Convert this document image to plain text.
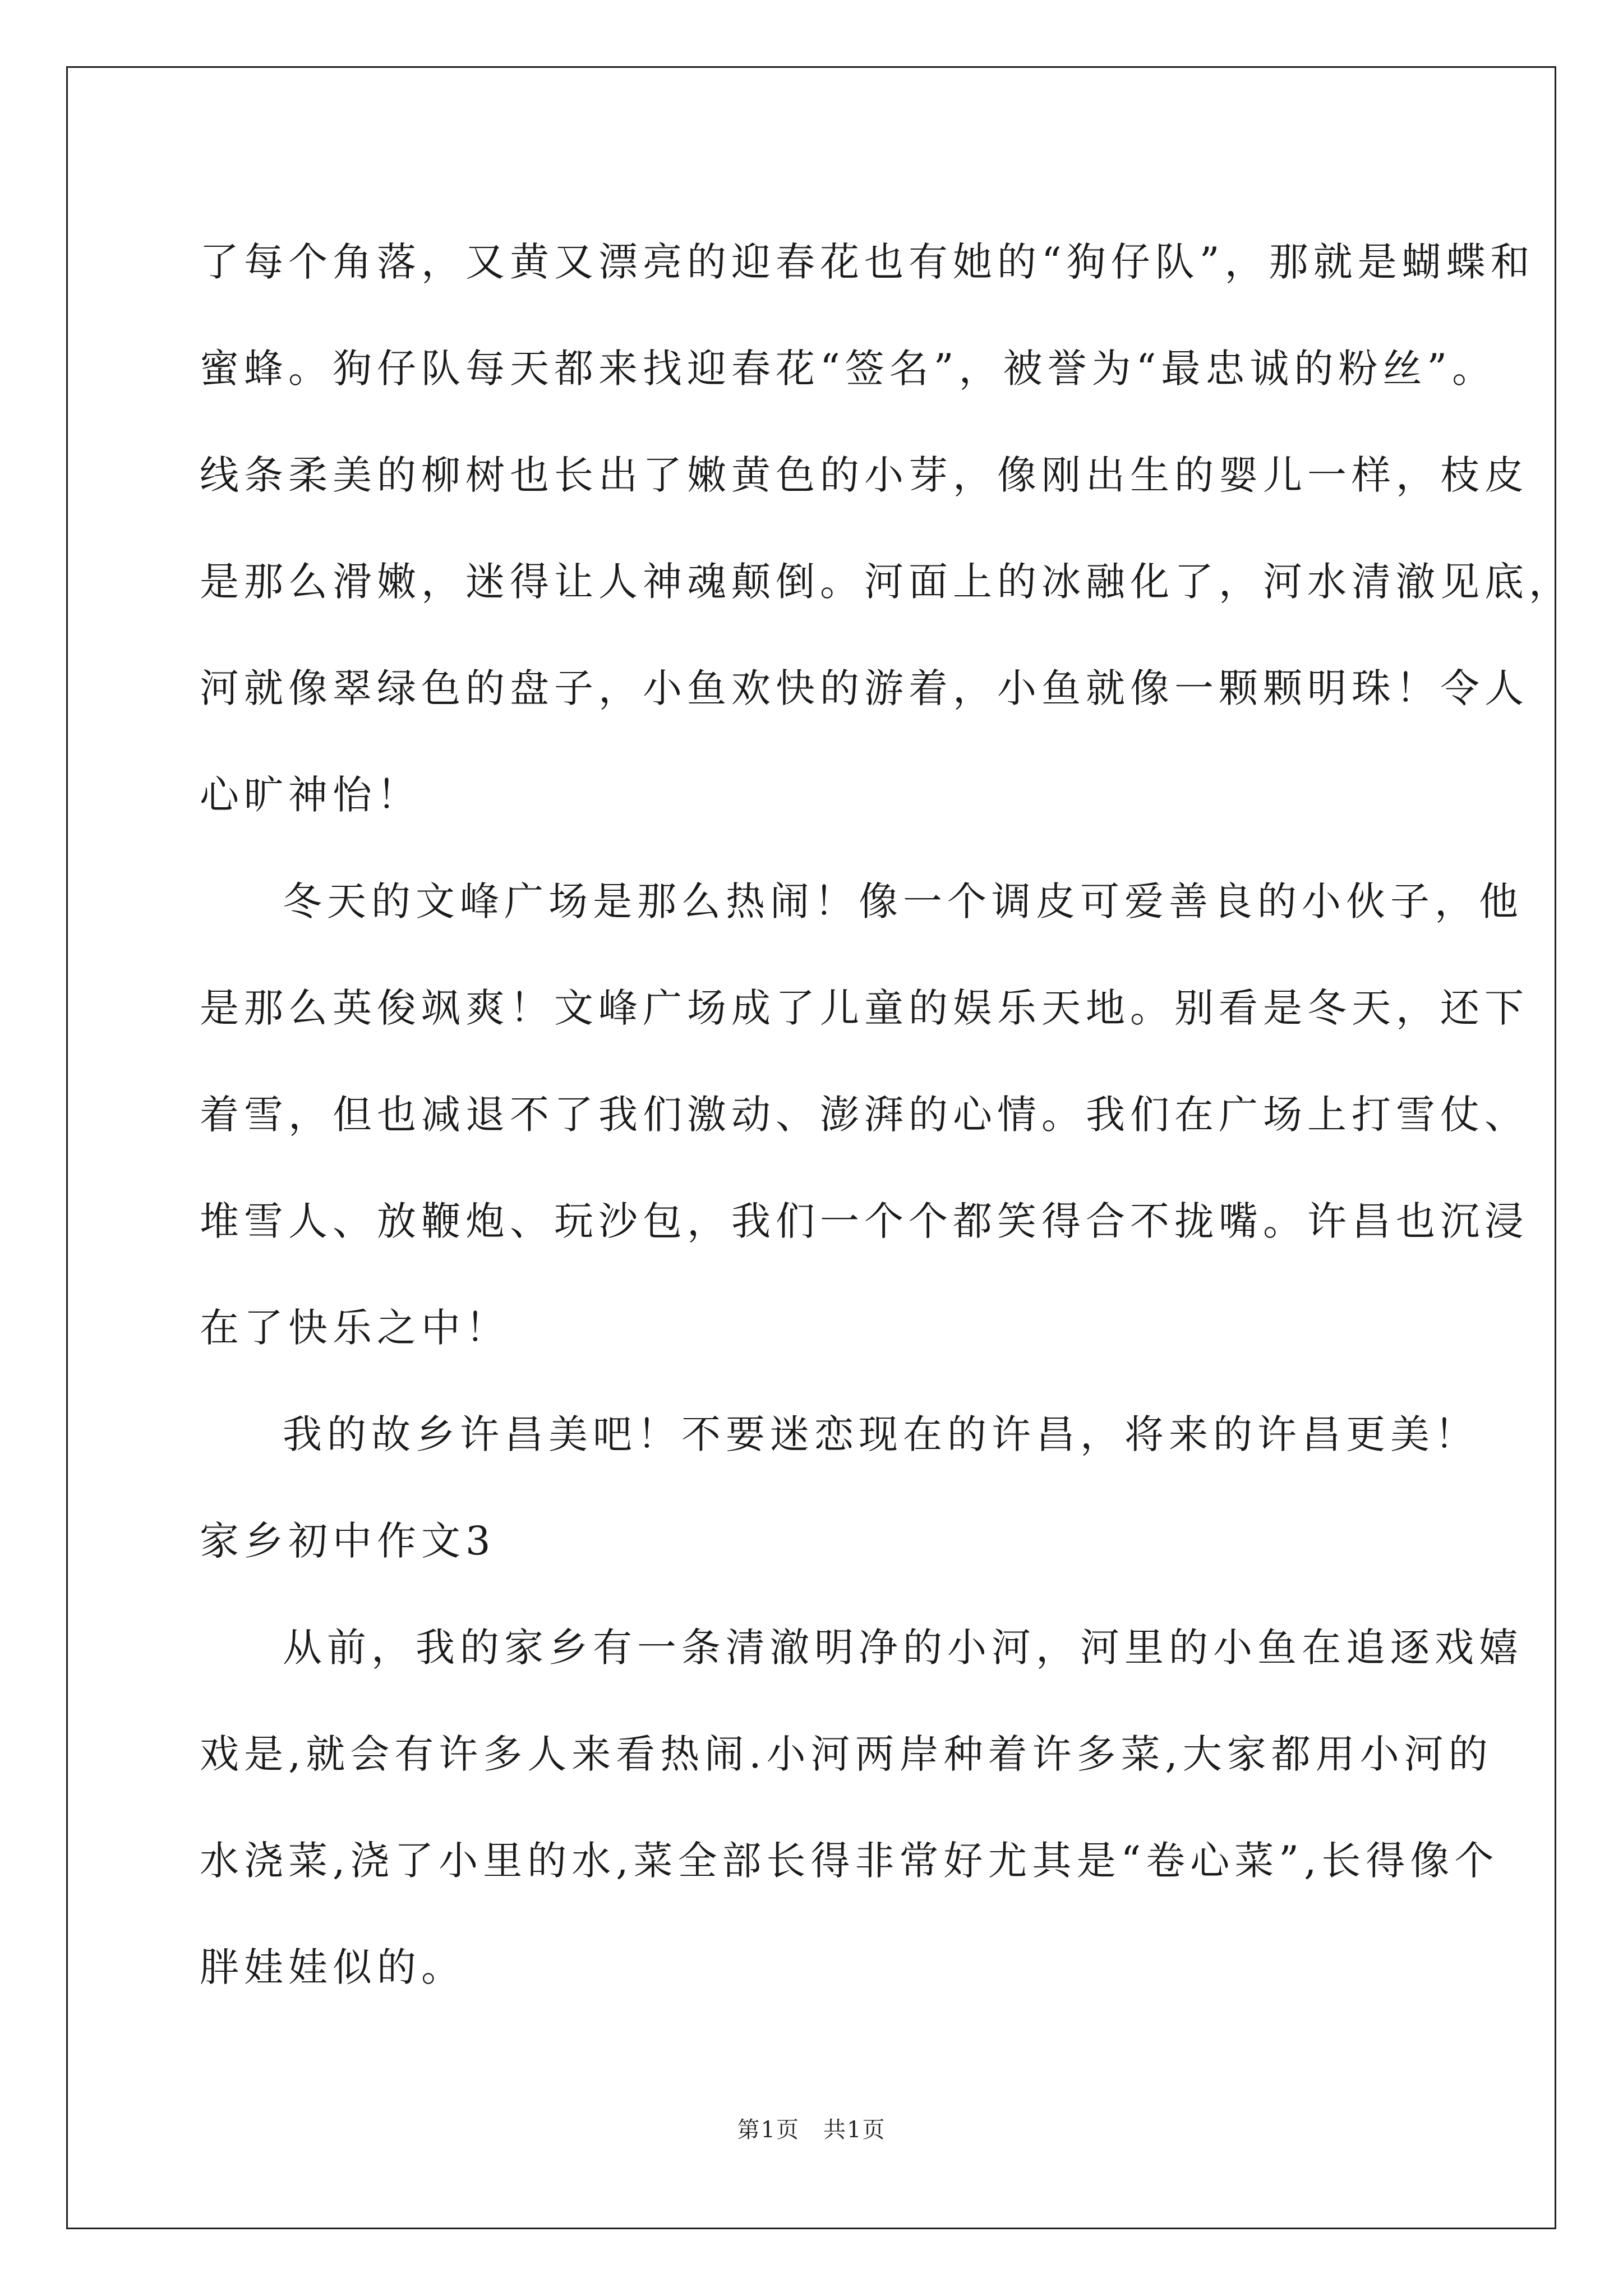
了每个角落，又黄又漂亮的迎春花也有她的“狗仔队”，那就是蝴蝶和
蜜蜂。狗仔队每天都来找迎春花“签名”，被誉为“最忠诚的粉丝”。
线条柔美的柳树也长出了嫩黄色的小芽，像刚出生的婴儿一样，枝皮
是那么滑嫩，迷得让人神魂颠倒。河面上的冰融化了，河水清澈见底，
河就像翠绿色的盘子，小鱼欢快的游着，小鱼就像一颗颗明珠！令人
心旷神怡！
冬天的文峰广场是那么热闹！像一个调皮可爱善良的小伙子，他
是那么英俊飒爽！文峰广场成了儿童的娱乐天地。别看是冬天，还下
着雪，但也减退不了我们激动、澎湃的心情。我们在广场上打雪仗、
堆雪人、放鞭炮、玩沙包，我们一个个都笑得合不拢嘴。许昌也沉浸
在了快乐之中！
我的故乡许昌美吧！不要迷恋现在的许昌，将来的许昌更美！
家乡初中作文3
从前，我的家乡有一条清澈明净的小河，河里的小鱼在追逐戏嬉
戏是,就会有许多人来看热闹.小河两岸种着许多菜,大家都用小河的
水浇菜,浇了小里的水,菜全部长得非常好尤其是“卷心菜”,长得像个
胖娃娃似的。
第1页　共1页
